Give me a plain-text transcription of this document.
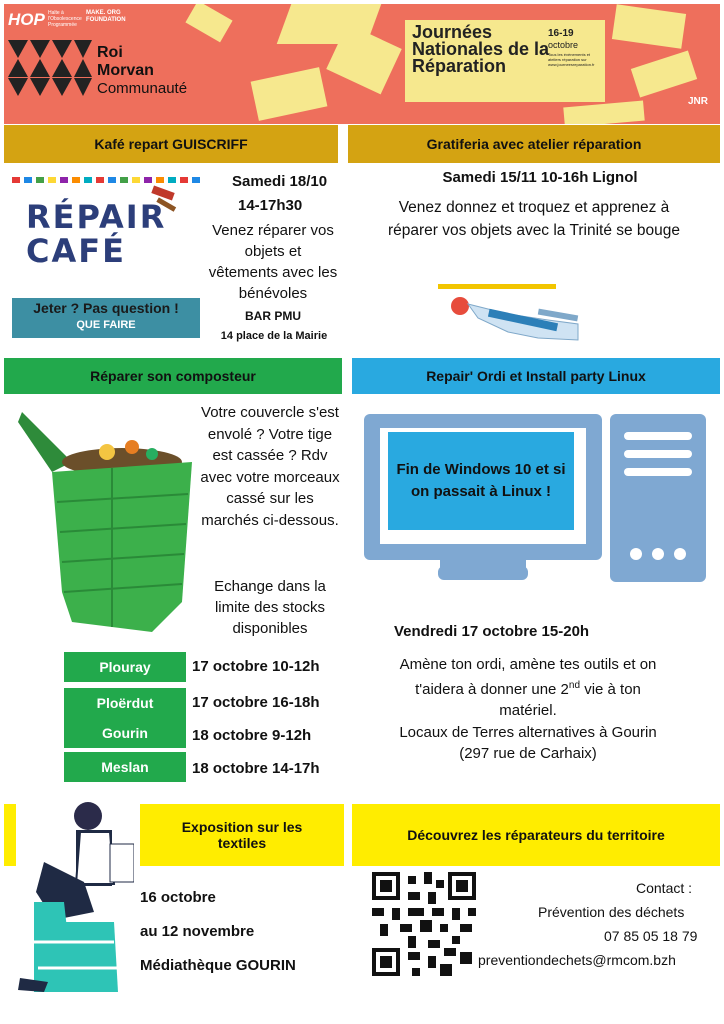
HOP Halte à l'Obsolescence Programmée
MAKE. ORG FOUNDATION
Roi
Morvan
Communauté
Journées Nationales de la Réparation
16-19
octobre
Tous les évènements et ateliers réparation sur www.journeesreparation.fr
JNR
Kafé repart GUISCRIFF
RÉPAIR CAFÉ
Jeter ? Pas question !
QUE FAIRE
Samedi 18/10
14-17h30
Venez réparer vos objets et vêtements avec les bénévoles
BAR PMU
14 place de la Mairie
Gratiferia avec atelier réparation
Samedi 15/11 10-16h Lignol
Venez donnez et troquez et apprenez à réparer vos objets avec la Trinité se bouge
Réparer son composteur
Votre couvercle s'est envolé ? Votre tige est cassée ? Rdv avec votre morceaux cassé sur les marchés ci-dessous.
Echange dans la limite des stocks disponibles
Plouray	17 octobre 10-12h
Ploërdut	17 octobre 16-18h
Gourin	18 octobre 9-12h
Meslan	18 octobre 14-17h
Repair' Ordi et Install party Linux
Fin de Windows 10 et si on passait à Linux !
Vendredi 17 octobre 15-20h
Amène ton ordi, amène tes outils et on t'aidera à donner une 2nd vie à ton matériel.
Locaux de Terres alternatives à Gourin (297 rue de Carhaix)
Exposition sur les textiles
16 octobre
au 12 novembre
Médiathèque GOURIN
Découvrez les réparateurs du territoire
Contact :
Prévention des déchets
07 85 05 18 79
preventiondechets@rmcom.bzh
